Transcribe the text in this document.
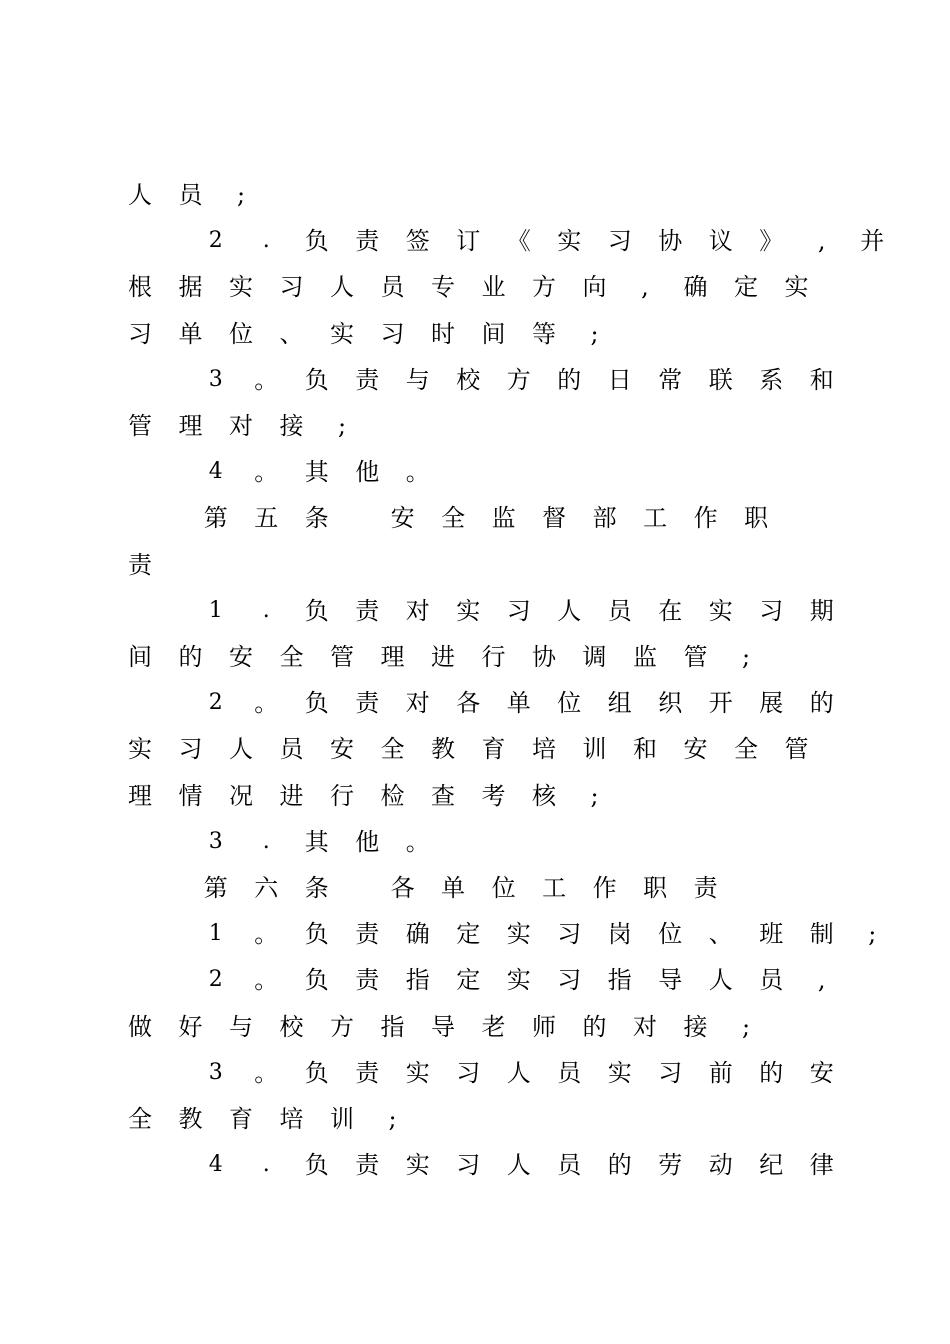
人 员	;
2	.	负 责 签 订 《 实 习 协 议 》	,	并
根 据 实 习 人 员 专 业 方 向	,	确 定 实
习 单 位 、 实 习 时 间 等	;
3	。 负 责 与 校 方 的 日 常 联 系 和
管 理 对 接	;
4	。 其 他 。
第 五 条	安 全 监 督 部 工 作 职
责
1	.	负 责 对 实 习 人 员 在 实 习 期
间 的 安 全 管 理 进 行 协 调 监 管	;
2	。 负 责 对 各 单 位 组 织 开 展 的
实 习 人 员 安 全 教 育 培 训 和 安 全 管
理 情 况 进 行 检 查 考 核	;
3	.	其 他 。
第 六 条	各 单 位 工 作 职 责
1	。 负 责 确 定 实 习 岗 位 、 班 制	;
2	。 负 责 指 定 实 习 指 导 人 员	,
做 好 与 校 方 指 导 老 师 的 对 接	;
3	。 负 责 实 习 人 员 实 习 前 的 安
全 教 育 培 训	;
4	.	负 责 实 习 人 员 的 劳 动 纪 律
